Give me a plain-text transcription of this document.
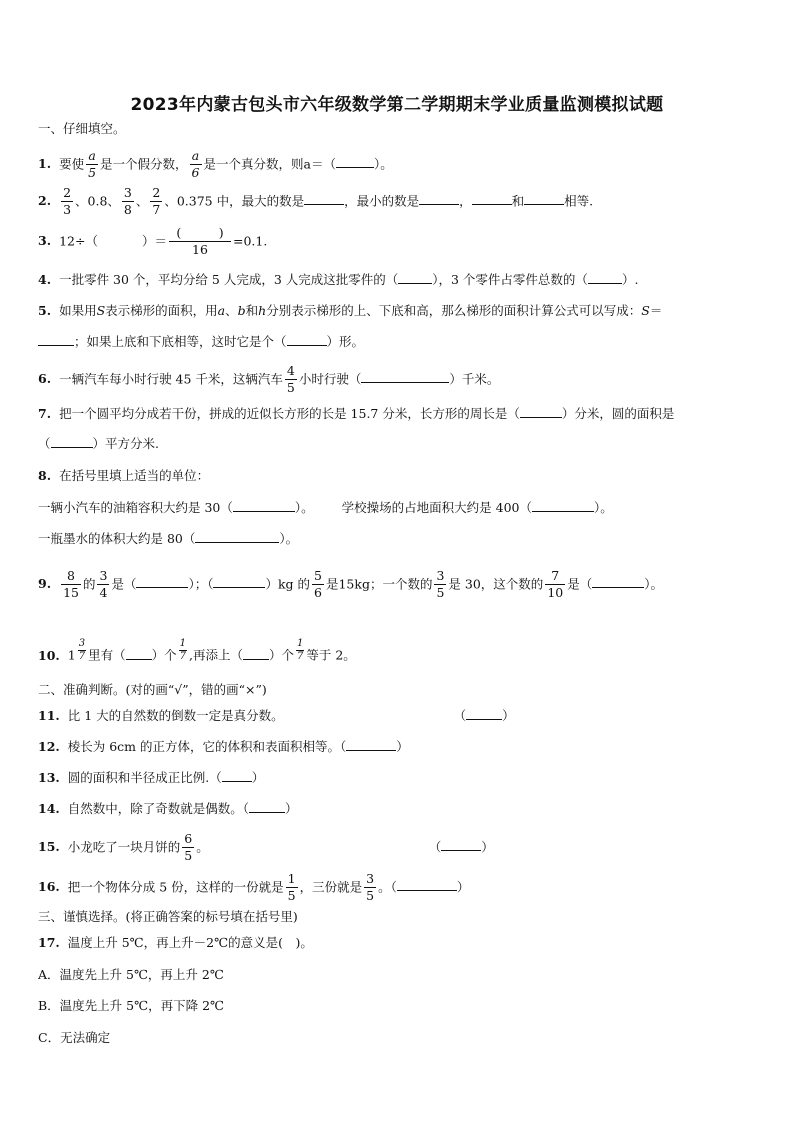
2023年内蒙古包头市六年级数学第二学期期末学业质量监测模拟试题
一、仔细填空。
1. 要使 $\frac{a}{5}$ 是一个假分数， $\frac{a}{6}$ 是一个真分数，则a＝（	）。
2. $\frac{2}{3}$ 、0.8、 $\frac{3}{8}$ 、 $\frac{2}{7}$ 、0.375 中，最大的数是	，最小的数是	，	和	相等.
3. 12÷（	）＝
(　　　)
16
=0.1.
4. 一批零件 30 个，平均分给 5 人完成，3 人完成这批零件的（	），3 个零件占零件总数的（	）.
5. 如果用S表示梯形的面积，用a、b和h分别表示梯形的上、下底和高，那么梯形的面积计算公式可以写成：S＝
；如果上底和下底相等，这时它是个（	）形。
6. 一辆汽车每小时行驶 45 千米，这辆汽车 $\frac{4}{5}$ 小时行驶（	）千米。
7. 把一个圆平均分成若干份，拼成的近似长方形的长是 15.7 分米，长方形的周长是（	）分米，圆的面积是
（	）平方分米.
8. 在括号里填上适当的单位：
一辆小汽车的油箱容积大约是 30（	）。 学校操场的占地面积大约是 400（	）。
一瓶墨水的体积大约是 80（	）。
9. $\frac{8}{15}$ 的 $\frac{3}{4}$ 是（	）；（	）kg 的 $\frac{5}{6}$ 是15kg；一个数的 $\frac{3}{5}$ 是 30，这个数的 $\frac{7}{10}$ 是（	）。
10. $1 \frac{3}{7}$ 里有（ ）个 $\frac{1}{7}$ ,再添上（ ）个 $\frac{1}{7}$ 等于 2。
二、准确判断。(对的画“√”，错的画“×”)
11. 比 1 大的自然数的倒数一定是真分数。	（	）
12. 棱长为 6cm 的正方体，它的体积和表面积相等。（	）
13. 圆的面积和半径成正比例.（ ）
14. 自然数中，除了奇数就是偶数。（	）
15. 小龙吃了一块月饼的 $\frac{6}{5}$ 。	（	）
16. 把一个物体分成 5 份，这样的一份就是 $\frac{1}{5}$ ，三份就是 $\frac{3}{5}$ 。（	）
三、谨慎选择。(将正确答案的标号填在括号里)
17. 温度上升 5℃，再上升－2℃的意义是(　)。
A．温度先上升 5℃，再上升 2℃
B．温度先上升 5℃，再下降 2℃
C．无法确定
